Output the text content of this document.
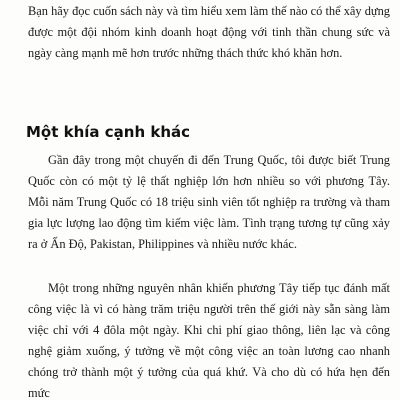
Bạn hãy đọc cuốn sách này và tìm hiểu xem làm thế nào có thể xây dựng được một đội nhóm kinh doanh hoạt động với tinh thần chung sức và ngày càng mạnh mẽ hơn trước những thách thức khó khăn hơn.

Một khía cạnh khác

Gần đây trong một chuyến đi đến Trung Quốc, tôi được biết Trung Quốc còn có một tỷ lệ thất nghiệp lớn hơn nhiều so với phương Tây. Mỗi năm Trung Quốc có 18 triệu sinh viên tốt nghiệp ra trường và tham gia lực lượng lao động tìm kiếm việc làm. Tình trạng tương tự cũng xảy ra ở Ấn Độ, Pakistan, Philippines và nhiều nước khác.

Một trong những nguyên nhân khiến phương Tây tiếp tục đánh mất công việc là vì có hàng trăm triệu người trên thế giới này sẵn sàng làm việc chỉ với 4 đôla một ngày. Khi chi phí giao thông, liên lạc và công nghệ giảm xuống, ý tưởng về một công việc an toàn lương cao nhanh chóng trở thành một ý tưởng của quá khứ. Và cho dù có hứa hẹn đến mức
